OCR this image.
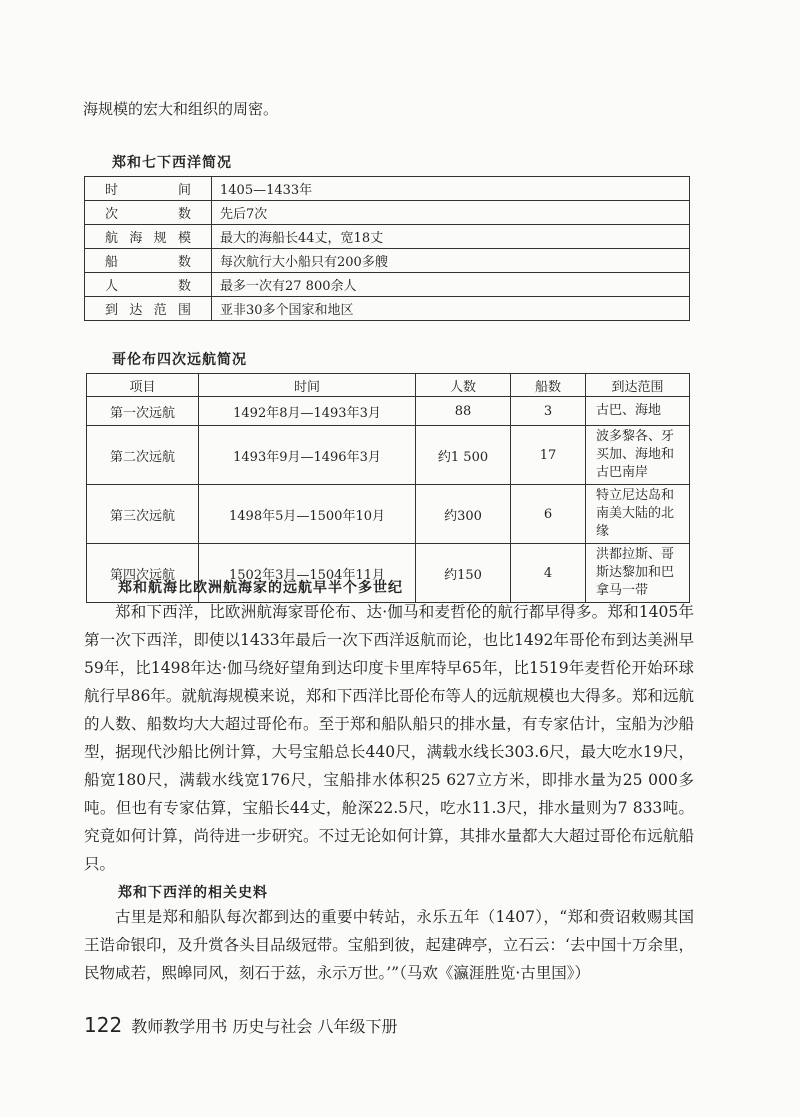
海规模的宏大和组织的周密。
郑和七下西洋简况
时间	1405—1433年
次数	先后7次
航海规模	最大的海船长44丈，宽18丈
船数	每次航行大小船只有200多艘
人数	最多一次有27 800余人
到达范围	亚非30多个国家和地区
哥伦布四次远航简况
项目	时间	人数	船数	到达范围
第一次远航	1492年8月—1493年3月	88	3	古巴、海地
第二次远航	1493年9月—1496年3月	约1 500	17	波多黎各、牙买加、海地和古巴南岸
第三次远航	1498年5月—1500年10月	约300	6	特立尼达岛和南美大陆的北缘
第四次远航	1502年3月—1504年11月	约150	4	洪都拉斯、哥斯达黎加和巴拿马一带
郑和航海比欧洲航海家的远航早半个多世纪

郑和下西洋，比欧洲航海家哥伦布、达·伽马和麦哲伦的航行都早得多。郑和1405年第一次下西洋，即使以1433年最后一次下西洋返航而论，也比1492年哥伦布到达美洲早59年，比1498年达·伽马绕好望角到达印度卡里库特早65年，比1519年麦哲伦开始环球航行早86年。就航海规模来说，郑和下西洋比哥伦布等人的远航规模也大得多。郑和远航的人数、船数均大大超过哥伦布。至于郑和船队船只的排水量，有专家估计，宝船为沙船型，据现代沙船比例计算，大号宝船总长440尺，满载水线长303.6尺，最大吃水19尺，船宽180尺，满载水线宽176尺，宝船排水体积25 627立方米，即排水量为25 000多吨。但也有专家估算，宝船长44丈，舱深22.5尺，吃水11.3尺，排水量则为7 833吨。究竟如何计算，尚待进一步研究。不过无论如何计算，其排水量都大大超过哥伦布远航船只。

郑和下西洋的相关史料

古里是郑和船队每次都到达的重要中转站，永乐五年（1407），“郑和赍诏敕赐其国王诰命银印，及升赏各头目品级冠带。宝船到彼，起建碑亭，立石云：‘去中国十万余里，民物咸若，熙皞同风，刻石于兹，永示万世。’”（马欢《瀛涯胜览·古里国》）

122 教师教学用书 历史与社会 八年级下册
